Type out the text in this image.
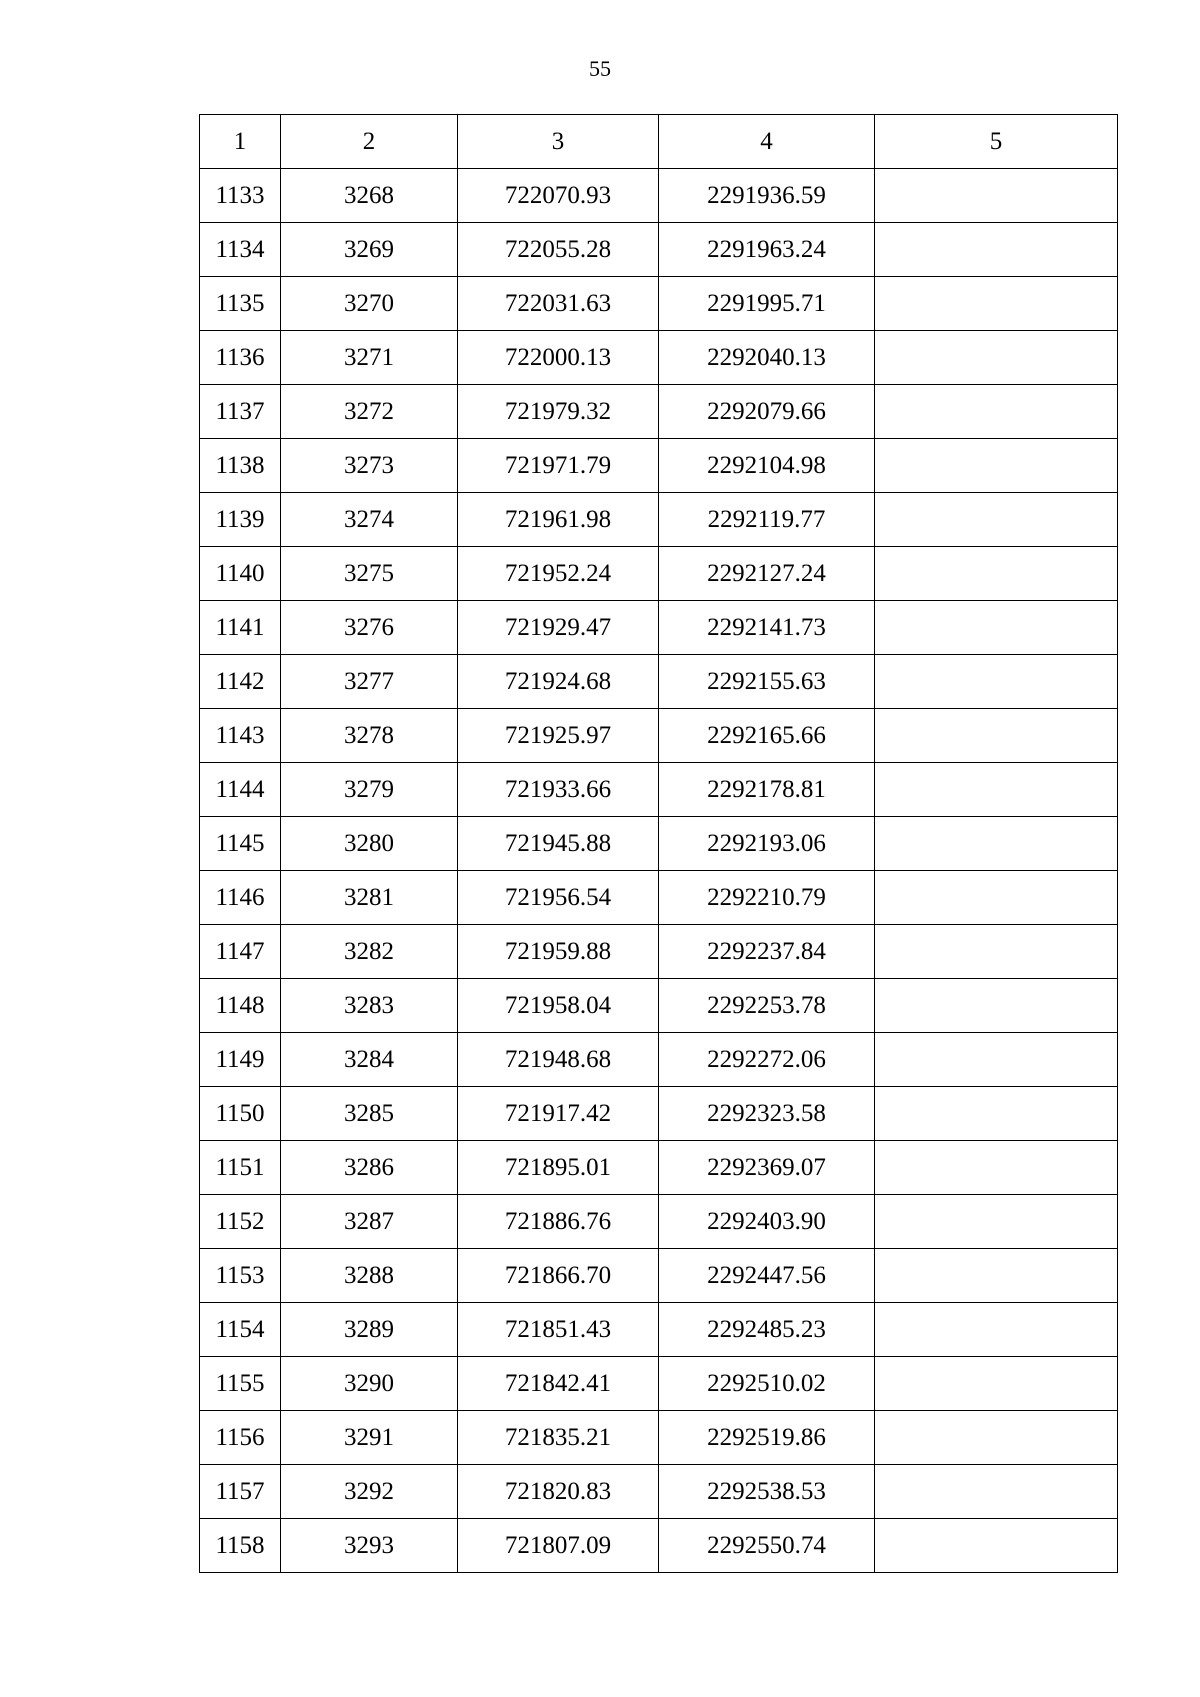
55
1	2	3	4	5
1133	3268	722070.93	2291936.59	
1134	3269	722055.28	2291963.24	
1135	3270	722031.63	2291995.71	
1136	3271	722000.13	2292040.13	
1137	3272	721979.32	2292079.66	
1138	3273	721971.79	2292104.98	
1139	3274	721961.98	2292119.77	
1140	3275	721952.24	2292127.24	
1141	3276	721929.47	2292141.73	
1142	3277	721924.68	2292155.63	
1143	3278	721925.97	2292165.66	
1144	3279	721933.66	2292178.81	
1145	3280	721945.88	2292193.06	
1146	3281	721956.54	2292210.79	
1147	3282	721959.88	2292237.84	
1148	3283	721958.04	2292253.78	
1149	3284	721948.68	2292272.06	
1150	3285	721917.42	2292323.58	
1151	3286	721895.01	2292369.07	
1152	3287	721886.76	2292403.90	
1153	3288	721866.70	2292447.56	
1154	3289	721851.43	2292485.23	
1155	3290	721842.41	2292510.02	
1156	3291	721835.21	2292519.86	
1157	3292	721820.83	2292538.53	
1158	3293	721807.09	2292550.74	
